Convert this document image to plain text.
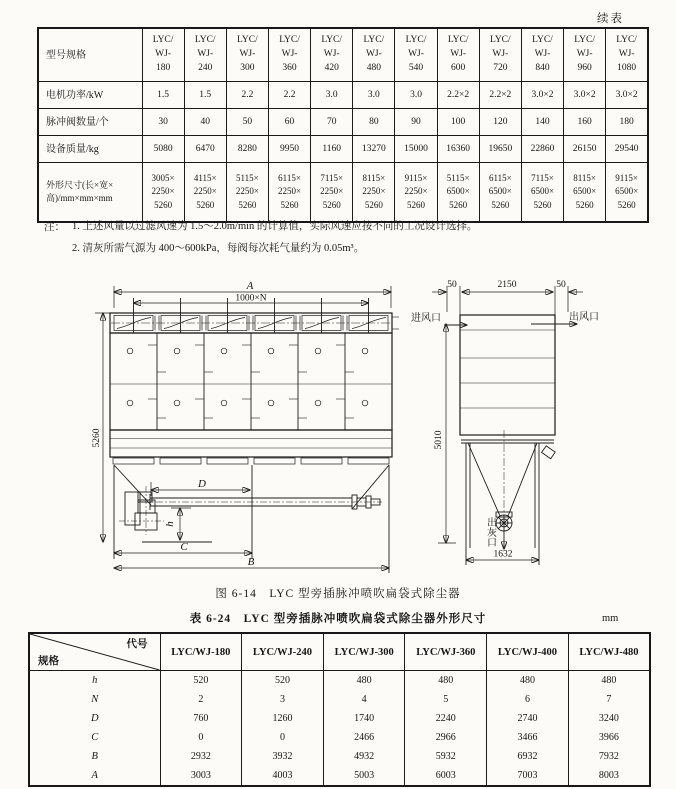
续表
型号规格	LYC/
WJ-
180	LYC/
WJ-
240	LYC/
WJ-
300	LYC/
WJ-
360	LYC/
WJ-
420	LYC/
WJ-
480	LYC/
WJ-
540	LYC/
WJ-
600	LYC/
WJ-
720	LYC/
WJ-
840	LYC/
WJ-
960	LYC/
WJ-
1080
电机功率/kW	1.5	1.5	2.2	2.2	3.0	3.0	3.0	2.2×2	2.2×2	3.0×2	3.0×2	3.0×2
脉冲阀数量/个	30	40	50	60	70	80	90	100	120	140	160	180
设备质量/kg	5080	6470	8280	9950	1160	13270	15000	16360	19650	22860	26150	29540
外形尺寸(长×宽×高)/mm×mm×mm	3005×
2250×
5260	4115×
2250×
5260	5115×
2250×
5260	6115×
2250×
5260	7115×
2250×
5260	8115×
2250×
5260	9115×
2250×
5260	5115×
6500×
5260	6115×
6500×
5260	7115×
6500×
5260	8115×
6500×
5260	9115×
6500×
5260
注： 1. 上述风量以过滤风速为 1.5～2.0m/min 的计算值，实际风速应按不同的工况设计选择。

2. 清灰所需气源为 400～600kPa，每阀每次耗气量约为 0.05m³。

A
1000×N
5260
D
h
C
B
50	2150	50
进风口	出风口
5010
出灰口
1632
图 6-14　LYC 型旁插脉冲喷吹扁袋式除尘器
表 6-24　LYC 型旁插脉冲喷吹扁袋式除尘器外形尺寸	mm
代号
规格	LYC/WJ-180	LYC/WJ-240	LYC/WJ-300	LYC/WJ-360	LYC/WJ-400	LYC/WJ-480
h	520	520	480	480	480	480
N	2	3	4	5	6	7
D	760	1260	1740	2240	2740	3240
C	0	0	2466	2966	3466	3966
B	2932	3932	4932	5932	6932	7932
A	3003	4003	5003	6003	7003	8003
